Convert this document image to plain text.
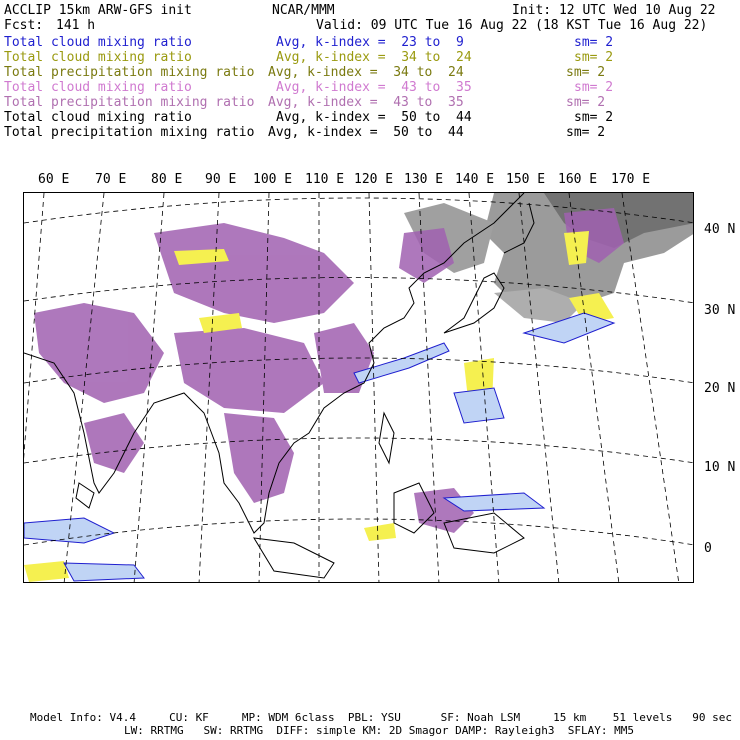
ACCLIP 15km ARW-GFS init	NCAR/MMM	Init: 12 UTC Wed 10 Aug 22
Fcst: 141 h	Valid: 09 UTC Tue 16 Aug 22 (18 KST Tue 16 Aug 22)
Total cloud mixing ratio	Avg, k-index =  23 to  9	sm= 2
Total cloud mixing ratio	Avg, k-index =  34 to  24	sm= 2
Total precipitation mixing ratio Avg, k-index =  34 to  24	sm= 2
Total cloud mixing ratio	Avg, k-index =  43 to  35	sm= 2
Total precipitation mixing ratio Avg, k-index =  43 to  35	sm= 2
Total cloud mixing ratio	Avg, k-index =  50 to  44	sm= 2
Total precipitation mixing ratio Avg, k-index =  50 to  44	sm= 2
60 E 70 E 80 E 90 E 100 E 110 E 120 E 130 E 140 E 150 E 160 E 170 E
40 N
30 N
20 N
10 N
0
Model Info: V4.4     CU: KF     MP: WDM 6class  PBL: YSU      SF: Noah LSM     15 km    51 levels   90 sec
LW: RRTMG   SW: RRTMG  DIFF: simple KM: 2D Smagor DAMP: Rayleigh3  SFLAY: MM5
